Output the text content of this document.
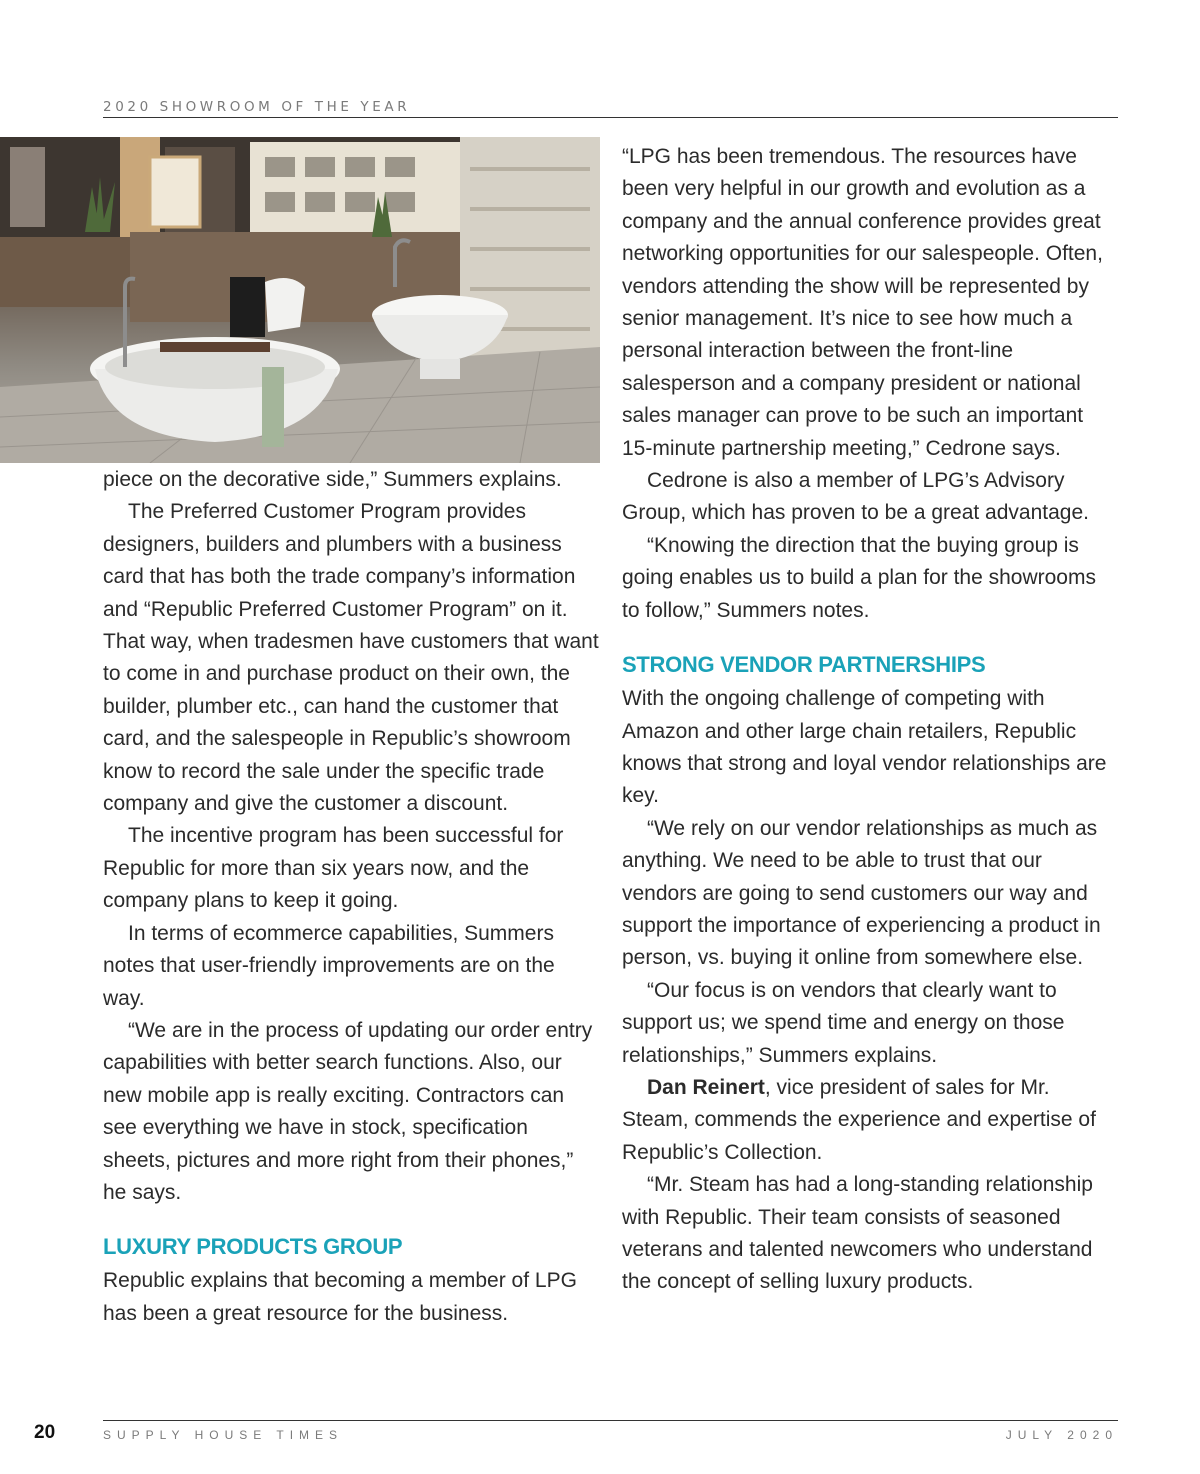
2020 SHOWROOM OF THE YEAR

piece on the decorative side,” Summers explains.

The Preferred Customer Program provides designers, builders and plumbers with a business card that has both the trade company’s information and “Republic Preferred Customer Program” on it. That way, when tradesmen have customers that want to come in and purchase product on their own, the builder, plumber etc., can hand the customer that card, and the salespeople in Republic’s showroom know to record the sale under the specific trade company and give the customer a discount.

The incentive program has been successful for Republic for more than six years now, and the company plans to keep it going.

In terms of ecommerce capabilities, Summers notes that user-friendly improvements are on the way.

“We are in the process of updating our order entry capabilities with better search functions. Also, our new mobile app is really exciting. Contractors can see everything we have in stock, specification sheets, pictures and more right from their phones,” he says.

LUXURY PRODUCTS GROUP

Republic explains that becoming a member of LPG has been a great resource for the business.

“LPG has been tremendous. The resources have been very helpful in our growth and evolution as a company and the annual conference provides great networking opportunities for our salespeople. Often, vendors attending the show will be represented by senior management. It’s nice to see how much a personal interaction between the front-line salesperson and a company president or national sales manager can prove to be such an important 15-minute partnership meeting,” Cedrone says.

Cedrone is also a member of LPG’s Advisory Group, which has proven to be a great advantage.

“Knowing the direction that the buying group is going enables us to build a plan for the showrooms to follow,” Summers notes.

STRONG VENDOR PARTNERSHIPS

With the ongoing challenge of competing with Amazon and other large chain retailers, Republic knows that strong and loyal vendor relationships are key.

“We rely on our vendor relationships as much as anything. We need to be able to trust that our vendors are going to send customers our way and support the importance of experiencing a product in person, vs. buying it online from somewhere else.

“Our focus is on vendors that clearly want to support us; we spend time and energy on those relationships,” Summers explains.

Dan Reinert, vice president of sales for Mr. Steam, commends the experience and expertise of Republic’s Collection.

“Mr. Steam has had a long-standing relationship with Republic. Their team consists of seasoned veterans and talented newcomers who understand the concept of selling luxury products.

20	SUPPLY HOUSE TIMES	JULY 2020
